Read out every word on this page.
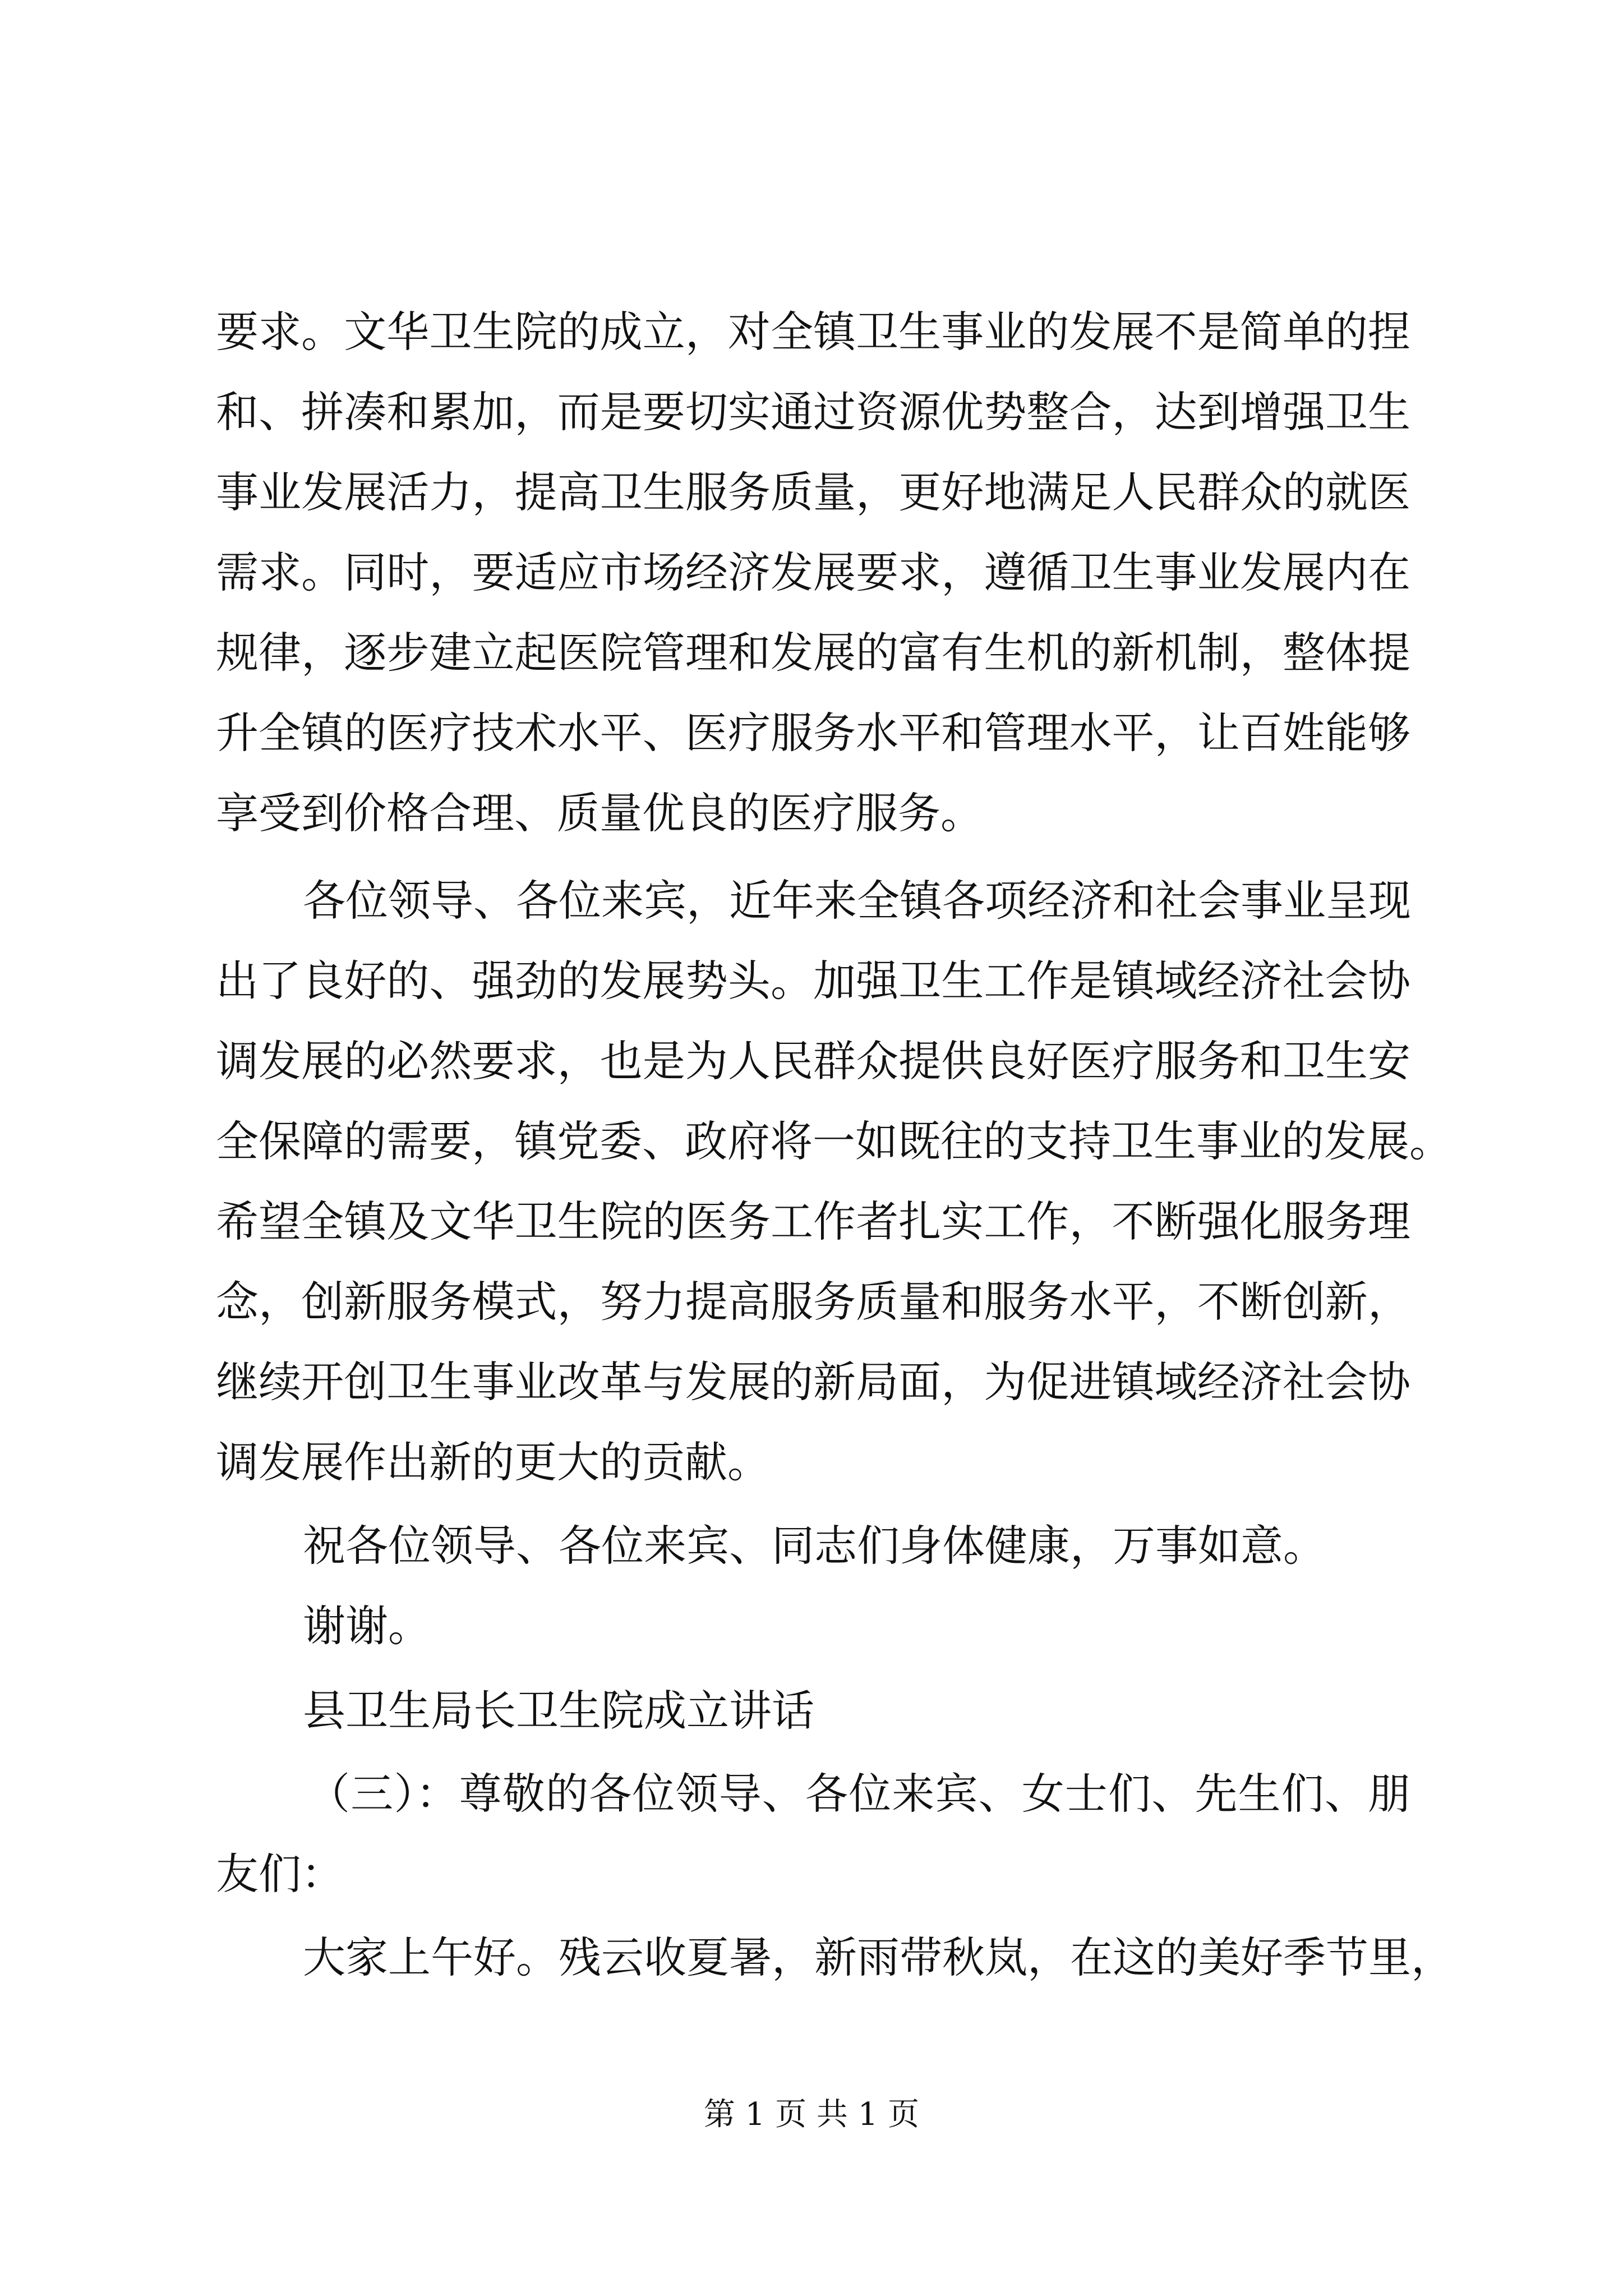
要求。文华卫生院的成立，对全镇卫生事业的发展不是简单的捏
和、拼凑和累加，而是要切实通过资源优势整合，达到增强卫生
事业发展活力，提高卫生服务质量，更好地满足人民群众的就医
需求。同时，要适应市场经济发展要求，遵循卫生事业发展内在
规律，逐步建立起医院管理和发展的富有生机的新机制，整体提
升全镇的医疗技术水平、医疗服务水平和管理水平，让百姓能够
享受到价格合理、质量优良的医疗服务。
各位领导、各位来宾，近年来全镇各项经济和社会事业呈现
出了良好的、强劲的发展势头。加强卫生工作是镇域经济社会协
调发展的必然要求，也是为人民群众提供良好医疗服务和卫生安
全保障的需要，镇党委、政府将一如既往的支持卫生事业的发展。
希望全镇及文华卫生院的医务工作者扎实工作，不断强化服务理
念，创新服务模式，努力提高服务质量和服务水平，不断创新，
继续开创卫生事业改革与发展的新局面，为促进镇域经济社会协
调发展作出新的更大的贡献。
祝各位领导、各位来宾、同志们身体健康，万事如意。
谢谢。
县卫生局长卫生院成立讲话
（三）：尊敬的各位领导、各位来宾、女士们、先生们、朋
友们：
大家上午好。残云收夏暑，新雨带秋岚，在这的美好季节里，
第 1 页 共 1 页
